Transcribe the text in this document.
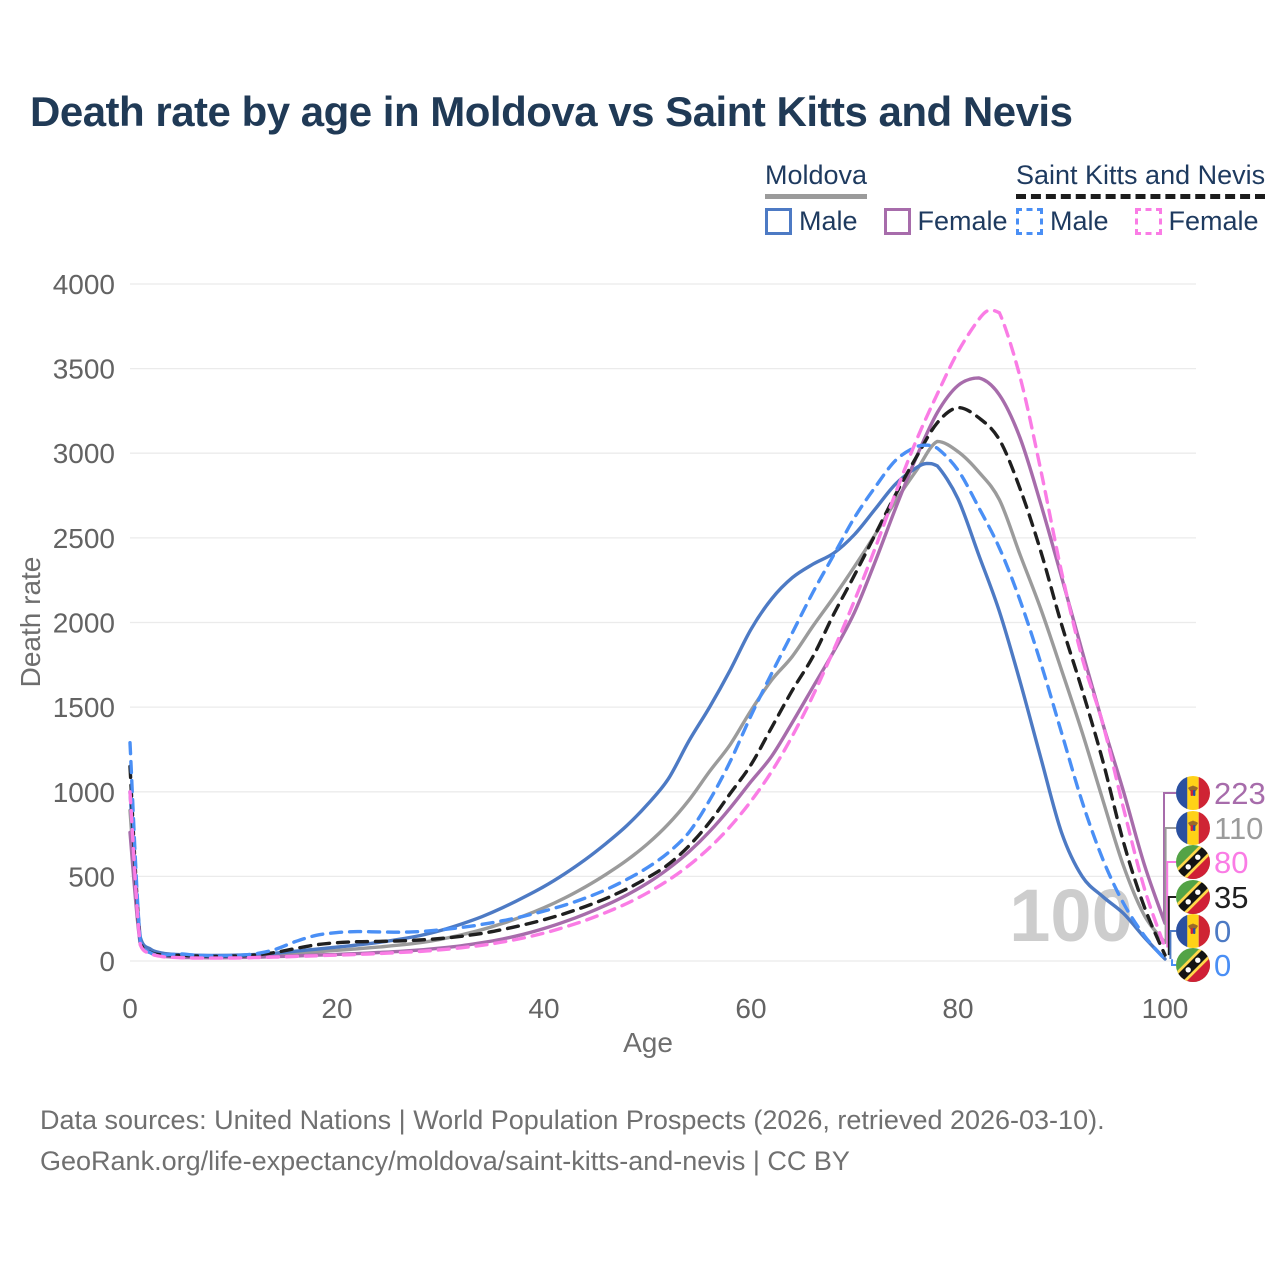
Death rate by age in Moldova vs Saint Kitts and Nevis
Moldova
Male Female
Saint Kitts and Nevis
Male Female
0
500
1000
1500
2000
2500
3000
3500
4000
0	20	40	60	80	100
Age
Death rate
100
223
110
80
35
0
0
Data sources: United Nations | World Population Prospects (2026, retrieved 2026-03-10).
GeoRank.org/life-expectancy/moldova/saint-kitts-and-nevis | CC BY
